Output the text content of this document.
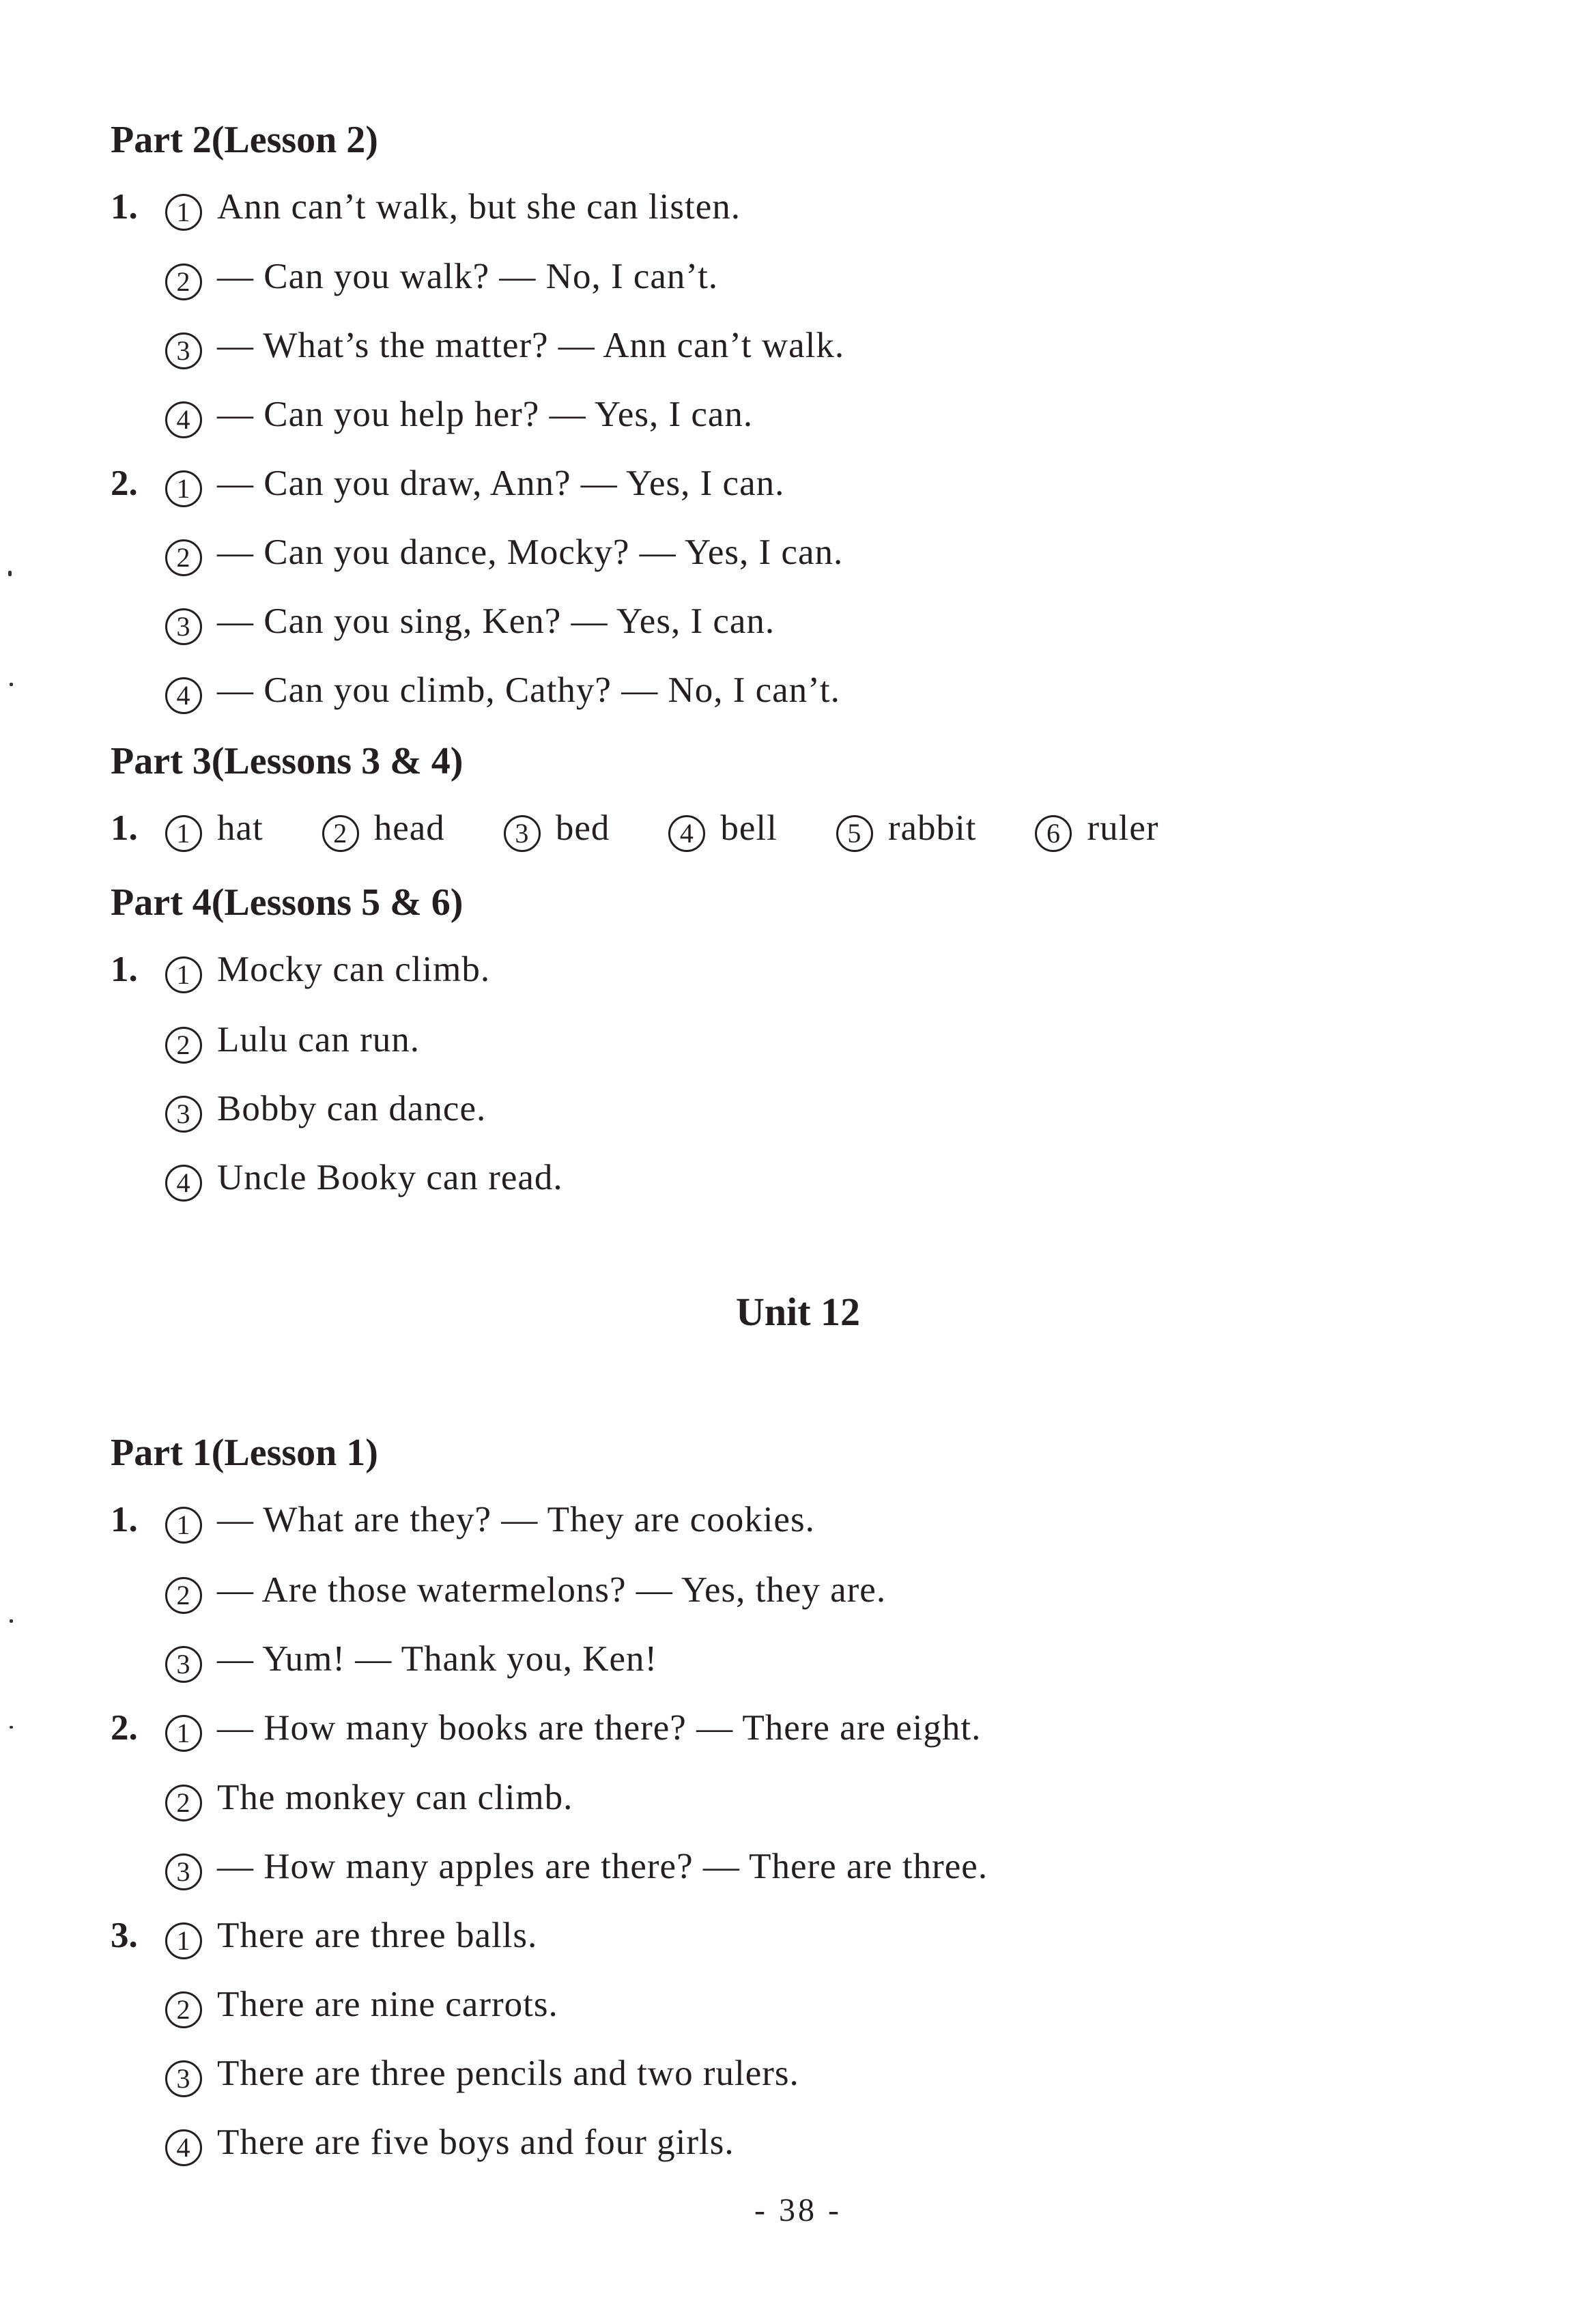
Part 2(Lesson 2)
1.	1 Ann can’t walk, but she can listen.
2 — Can you walk? — No, I can’t.
3 — What’s the matter? — Ann can’t walk.
4 — Can you help her? — Yes, I can.
2.	1 — Can you draw, Ann? — Yes, I can.
2 — Can you dance, Mocky? — Yes, I can.
3 — Can you sing, Ken? — Yes, I can.
4 — Can you climb, Cathy? — No, I can’t.
Part 3(Lessons 3 & 4)
1.	1 hat	2 head	3 bed	4 bell	5 rabbit	6 ruler
Part 4(Lessons 5 & 6)
1.	1 Mocky can climb.
2 Lulu can run.
3 Bobby can dance.
4 Uncle Booky can read.
Unit 12
Part 1(Lesson 1)
1.	1 — What are they? — They are cookies.
2 — Are those watermelons? — Yes, they are.
3 — Yum! — Thank you, Ken!
2.	1 — How many books are there? — There are eight.
2 The monkey can climb.
3 — How many apples are there? — There are three.
3.	1 There are three balls.
2 There are nine carrots.
3 There are three pencils and two rulers.
4 There are five boys and four girls.
- 38 -
